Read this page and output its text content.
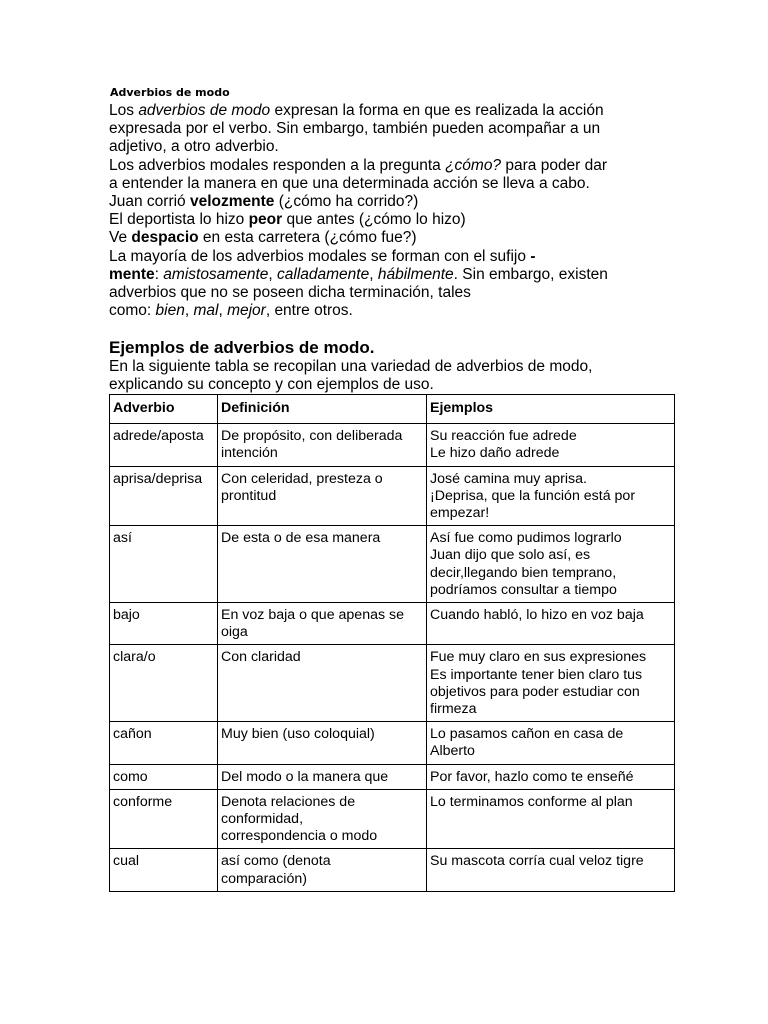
Adverbios de modo

Los adverbios de modo expresan la forma en que es realizada la acción

expresada por el verbo. Sin embargo, también pueden acompañar a un

adjetivo, a otro adverbio.

Los adverbios modales responden a la pregunta ¿cómo? para poder dar

a entender la manera en que una determinada acción se lleva a cabo.

Juan corrió velozmente (¿cómo ha corrido?)

El deportista lo hizo peor que antes (¿cómo lo hizo)

Ve despacio en esta carretera (¿cómo fue?)

La mayoría de los adverbios modales se forman con el sufijo -

mente: amistosamente, calladamente, hábilmente. Sin embargo, existen

adverbios que no se poseen dicha terminación, tales

como: bien, mal, mejor, entre otros.

Ejemplos de adverbios de modo.

En la siguiente tabla se recopilan una variedad de adverbios de modo,

explicando su concepto y con ejemplos de uso.

Adverbio	Definición	Ejemplos
adrede/aposta	De propósito, con deliberada
intención	Su reacción fue adrede
Le hizo daño adrede

aprisa/deprisa	Con celeridad, presteza o
prontitud	José camina muy aprisa.
¡Deprisa, que la función está por
empezar!

así	De esta o de esa manera	Así fue como pudimos lograrlo
Juan dijo que solo así, es
decir,llegando bien temprano,
podríamos consultar a tiempo

bajo	En voz baja o que apenas se
oiga	Cuando habló, lo hizo en voz baja

clara/o	Con claridad	Fue muy claro en sus expresiones
Es importante tener bien claro tus
objetivos para poder estudiar con
firmeza

cañon	Muy bien (uso coloquial)	Lo pasamos cañon en casa de
Alberto

como	Del modo o la manera que	Por favor, hazlo como te enseñé

conforme	Denota relaciones de
conformidad,
correspondencia o modo	Lo terminamos conforme al plan

cual	así como (denota
comparación)	Su mascota corría cual veloz tigre
